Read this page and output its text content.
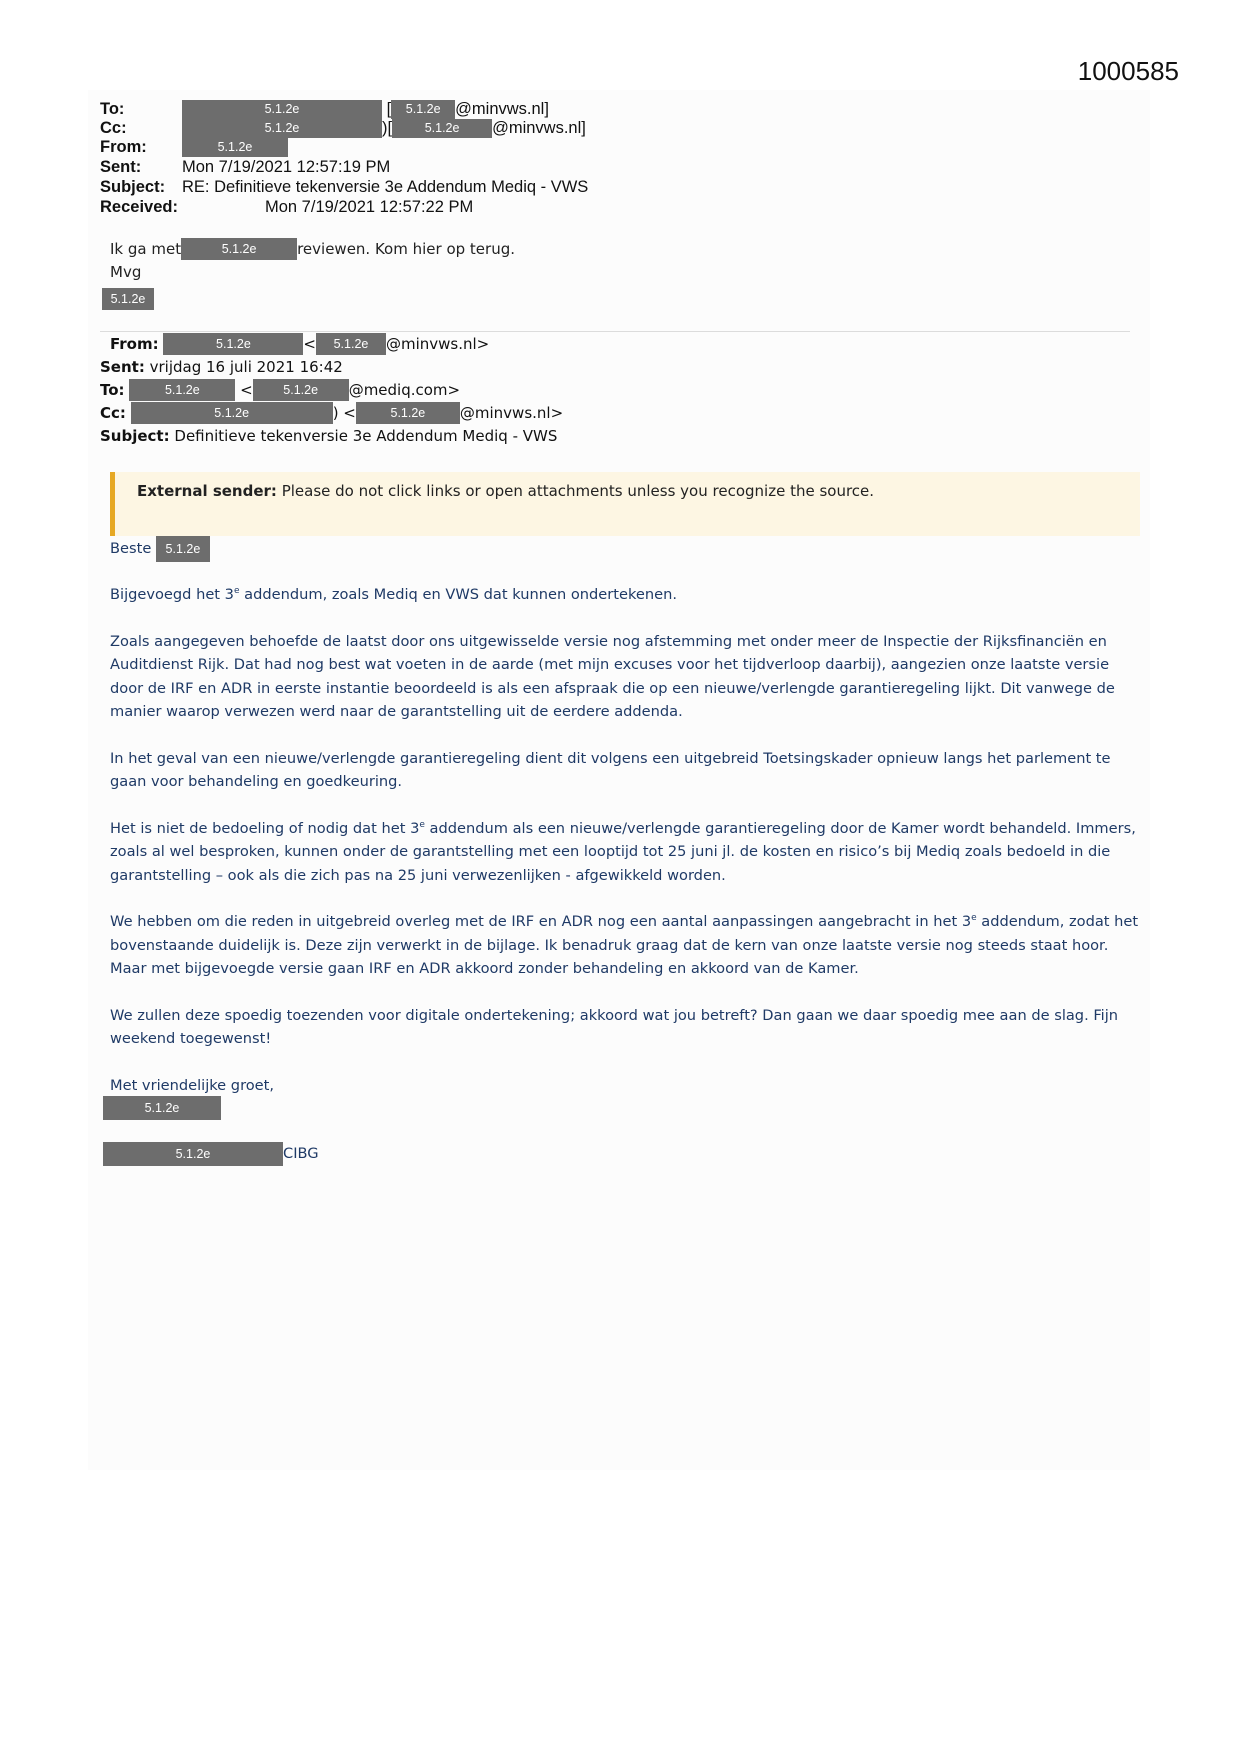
1000585
To:	5.1.2e	[ 5.1.2e @minvws.nl]
Cc:	5.1.2e	)[	5.1.2e @minvws.nl]
From:	5.1.2e
Sent: Mon 7/19/2021 12:57:19 PM
Subject: RE: Definitieve tekenversie 3e Addendum Mediq - VWS
Received:	Mon 7/19/2021 12:57:22 PM
Ik ga met	5.1.2e	reviewen. Kom hier op terug.
Mvg
5.1.2e
From:	5.1.2e	< 5.1.2e @minvws.nl>
Sent: vrijdag 16 juli 2021 16:42
To:	5.1.2e	< 5.1.2e @mediq.com>
Cc:	5.1.2e	) <	5.1.2e @minvws.nl>
Subject: Definitieve tekenversie 3e Addendum Mediq - VWS
External sender: Please do not click links or open attachments unless you recognize the source.
Beste 5.1.2e

Bijgevoegd het 3e addendum, zoals Mediq en VWS dat kunnen ondertekenen.

Zoals aangegeven behoefde de laatst door ons uitgewisselde versie nog afstemming met onder meer de Inspectie der Rijksfinanciën en Auditdienst Rijk. Dat had nog best wat voeten in de aarde (met mijn excuses voor het tijdverloop daarbij), aangezien onze laatste versie door de IRF en ADR in eerste instantie beoordeeld is als een afspraak die op een nieuwe/verlengde garantieregeling lijkt. Dit vanwege de manier waarop verwezen werd naar de garantstelling uit de eerdere addenda.

In het geval van een nieuwe/verlengde garantieregeling dient dit volgens een uitgebreid Toetsingskader opnieuw langs het parlement te gaan voor behandeling en goedkeuring.

Het is niet de bedoeling of nodig dat het 3e addendum als een nieuwe/verlengde garantieregeling door de Kamer wordt behandeld. Immers, zoals al wel besproken, kunnen onder de garantstelling met een looptijd tot 25 juni jl. de kosten en risico’s bij Mediq zoals bedoeld in die garantstelling – ook als die zich pas na 25 juni verwezenlijken - afgewikkeld worden.

We hebben om die reden in uitgebreid overleg met de IRF en ADR nog een aantal aanpassingen aangebracht in het 3e addendum, zodat het bovenstaande duidelijk is. Deze zijn verwerkt in de bijlage. Ik benadruk graag dat de kern van onze laatste versie nog steeds staat hoor. Maar met bijgevoegde versie gaan IRF en ADR akkoord zonder behandeling en akkoord van de Kamer.

We zullen deze spoedig toezenden voor digitale ondertekening; akkoord wat jou betreft? Dan gaan we daar spoedig mee aan de slag. Fijn weekend toegewenst!

Met vriendelijke groet,

5.1.2e
5.1.2e	CIBG
